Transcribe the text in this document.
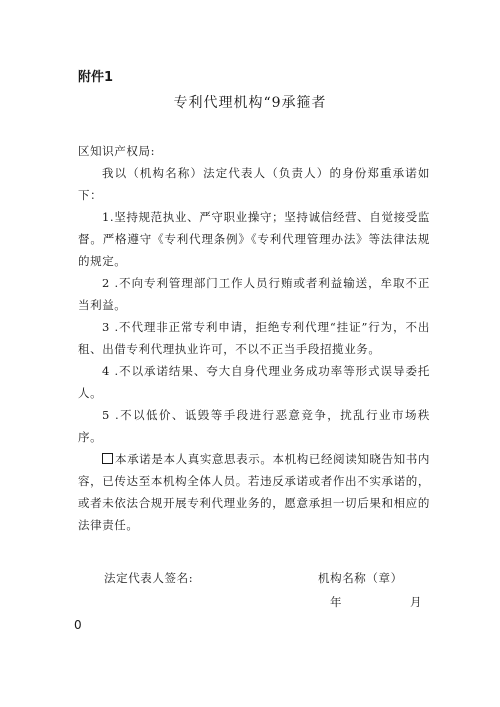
附件1
专利代理机构“9承箍者

区知识产权局:

我以（机构名称）法定代表人（负责人）的身份郑重承诺如下：

1.坚持规范执业、严守职业操守；坚持诚信经营、自觉接受监督。严格遵守《专利代理条例》《专利代理管理办法》等法律法规的规定。

2 .不向专利管理部门工作人员行贿或者利益输送，牟取不正当利益。

3 .不代理非正常专利申请，拒绝专利代理“挂证”行为，不出租、出借专利代理执业许可，不以不正当手段招揽业务。

4 .不以承诺结果、夸大自身代理业务成功率等形式误导委托人。

5 .不以低价、诋毁等手段进行恶意竞争，扰乱行业市场秩序。

本承诺是本人真实意思表示。本机构已经阅读知晓告知书内容，已传达至本机构全体人员。若违反承诺或者作出不实承诺的，或者未依法合规开展专利代理业务的，愿意承担一切后果和相应的法律责任。

法定代表人签名:	机构名称（章）
年	月
0
